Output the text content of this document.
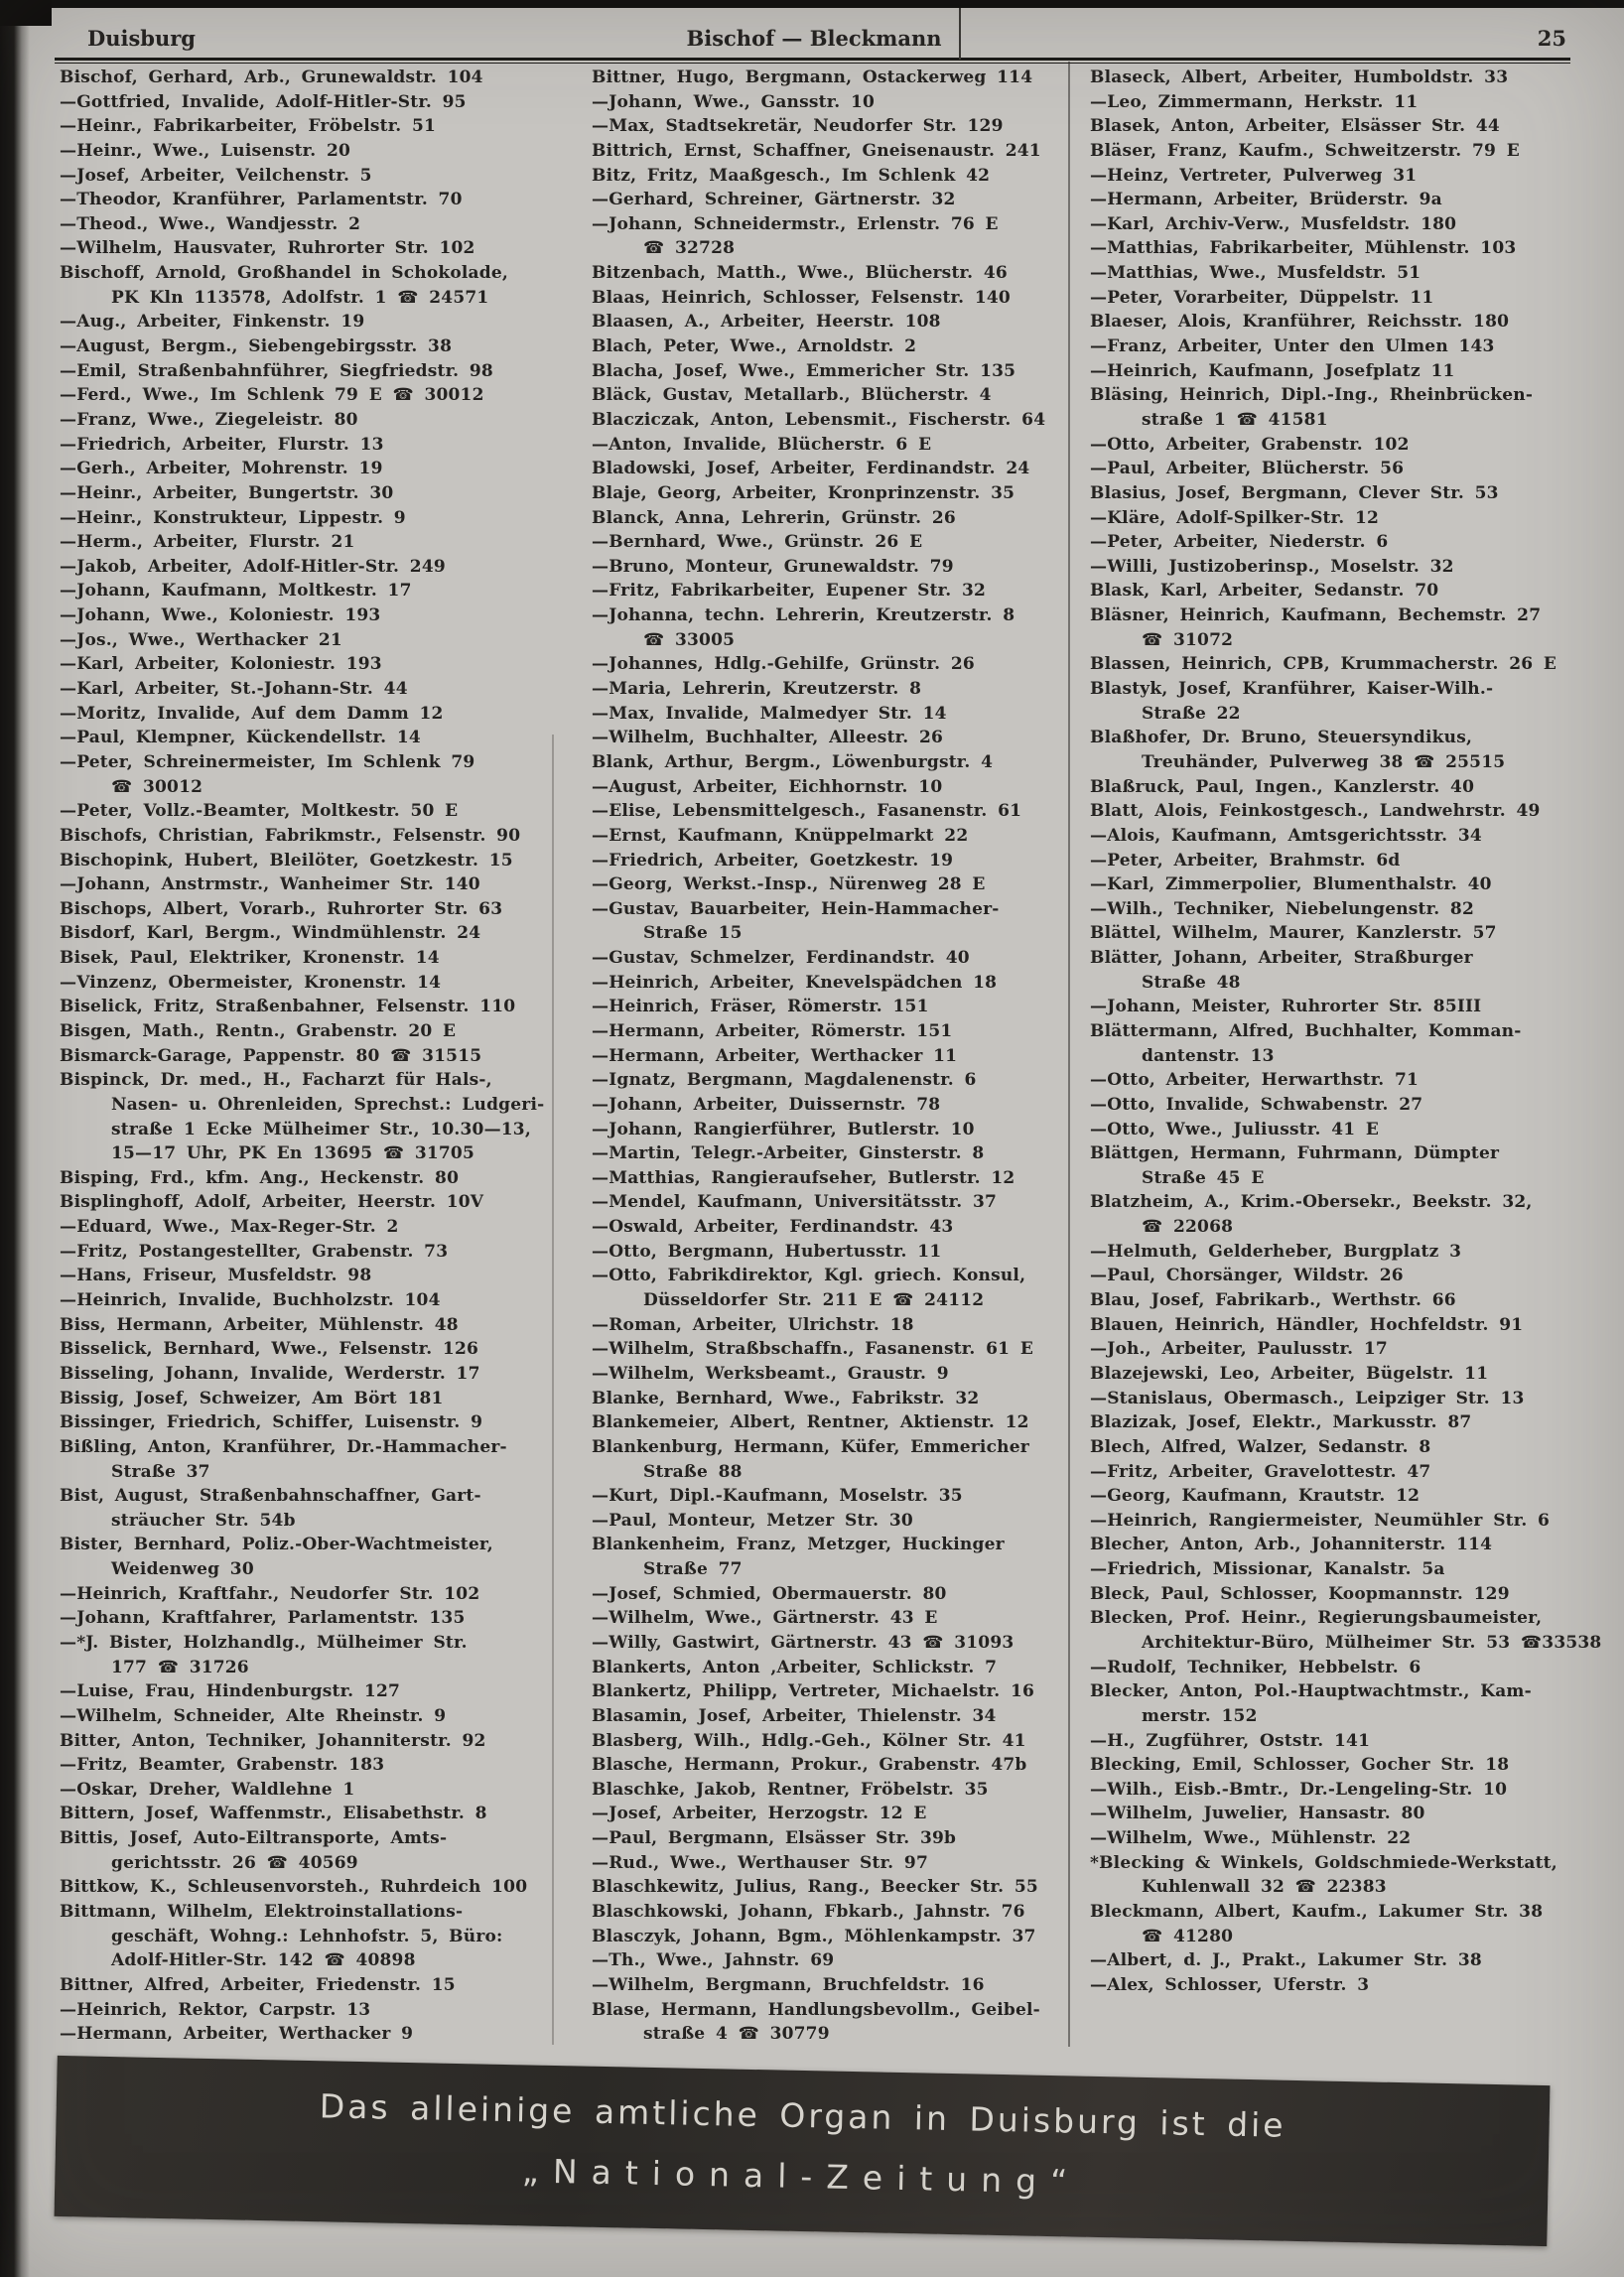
Duisburg	Bischof — Bleckmann	25
Bischof, Gerhard, Arb., Grunewaldstr. 104
—Gottfried, Invalide, Adolf-Hitler-Str. 95
—Heinr., Fabrikarbeiter, Fröbelstr. 51
—Heinr., Wwe., Luisenstr. 20
—Josef, Arbeiter, Veilchenstr. 5
—Theodor, Kranführer, Parlamentstr. 70
—Theod., Wwe., Wandjesstr. 2
—Wilhelm, Hausvater, Ruhrorter Str. 102
Bischoff, Arnold, Großhandel in Schokolade,
PK Kln 113578, Adolfstr. 1 ☎ 24571
—Aug., Arbeiter, Finkenstr. 19
—August, Bergm., Siebengebirgsstr. 38
—Emil, Straßenbahnführer, Siegfriedstr. 98
—Ferd., Wwe., Im Schlenk 79 E ☎ 30012
—Franz, Wwe., Ziegeleistr. 80
—Friedrich, Arbeiter, Flurstr. 13
—Gerh., Arbeiter, Mohrenstr. 19
—Heinr., Arbeiter, Bungertstr. 30
—Heinr., Konstrukteur, Lippestr. 9
—Herm., Arbeiter, Flurstr. 21
—Jakob, Arbeiter, Adolf-Hitler-Str. 249
—Johann, Kaufmann, Moltkestr. 17
—Johann, Wwe., Koloniestr. 193
—Jos., Wwe., Werthacker 21
—Karl, Arbeiter, Koloniestr. 193
—Karl, Arbeiter, St.-Johann-Str. 44
—Moritz, Invalide, Auf dem Damm 12
—Paul, Klempner, Kückendellstr. 14
—Peter, Schreinermeister, Im Schlenk 79
☎ 30012
—Peter, Vollz.-Beamter, Moltkestr. 50 E
Bischofs, Christian, Fabrikmstr., Felsenstr. 90
Bischopink, Hubert, Bleilöter, Goetzkestr. 15
—Johann, Anstrmstr., Wanheimer Str. 140
Bischops, Albert, Vorarb., Ruhrorter Str. 63
Bisdorf, Karl, Bergm., Windmühlenstr. 24
Bisek, Paul, Elektriker, Kronenstr. 14
—Vinzenz, Obermeister, Kronenstr. 14
Biselick, Fritz, Straßenbahner, Felsenstr. 110
Bisgen, Math., Rentn., Grabenstr. 20 E
Bismarck-Garage, Pappenstr. 80 ☎ 31515
Bispinck, Dr. med., H., Facharzt für Hals-,
Nasen- u. Ohrenleiden, Sprechst.: Ludgeri-
straße 1 Ecke Mülheimer Str., 10.30—13,
15—17 Uhr, PK En 13695 ☎ 31705
Bisping, Frd., kfm. Ang., Heckenstr. 80
Bisplinghoff, Adolf, Arbeiter, Heerstr. 10V
—Eduard, Wwe., Max-Reger-Str. 2
—Fritz, Postangestellter, Grabenstr. 73
—Hans, Friseur, Musfeldstr. 98
—Heinrich, Invalide, Buchholzstr. 104
Biss, Hermann, Arbeiter, Mühlenstr. 48
Bisselick, Bernhard, Wwe., Felsenstr. 126
Bisseling, Johann, Invalide, Werderstr. 17
Bissig, Josef, Schweizer, Am Bört 181
Bissinger, Friedrich, Schiffer, Luisenstr. 9
Bißling, Anton, Kranführer, Dr.-Hammacher-
Straße 37
Bist, August, Straßenbahnschaffner, Gart-
sträucher Str. 54b
Bister, Bernhard, Poliz.-Ober-Wachtmeister,
Weidenweg 30
—Heinrich, Kraftfahr., Neudorfer Str. 102
—Johann, Kraftfahrer, Parlamentstr. 135
—*J. Bister, Holzhandlg., Mülheimer Str.
177 ☎ 31726
—Luise, Frau, Hindenburgstr. 127
—Wilhelm, Schneider, Alte Rheinstr. 9
Bitter, Anton, Techniker, Johanniterstr. 92
—Fritz, Beamter, Grabenstr. 183
—Oskar, Dreher, Waldlehne 1
Bittern, Josef, Waffenmstr., Elisabethstr. 8
Bittis, Josef, Auto-Eiltransporte, Amts-
gerichtsstr. 26 ☎ 40569
Bittkow, K., Schleusenvorsteh., Ruhrdeich 100
Bittmann, Wilhelm, Elektroinstallations-
geschäft, Wohng.: Lehnhofstr. 5, Büro:
Adolf-Hitler-Str. 142 ☎ 40898
Bittner, Alfred, Arbeiter, Friedenstr. 15
—Heinrich, Rektor, Carpstr. 13
—Hermann, Arbeiter, Werthacker 9
Bittner, Hugo, Bergmann, Ostackerweg 114
—Johann, Wwe., Gansstr. 10
—Max, Stadtsekretär, Neudorfer Str. 129
Bittrich, Ernst, Schaffner, Gneisenaustr. 241
Bitz, Fritz, Maaßgesch., Im Schlenk 42
—Gerhard, Schreiner, Gärtnerstr. 32
—Johann, Schneidermstr., Erlenstr. 76 E
☎ 32728
Bitzenbach, Matth., Wwe., Blücherstr. 46
Blaas, Heinrich, Schlosser, Felsenstr. 140
Blaasen, A., Arbeiter, Heerstr. 108
Blach, Peter, Wwe., Arnoldstr. 2
Blacha, Josef, Wwe., Emmericher Str. 135
Bläck, Gustav, Metallarb., Blücherstr. 4
Blacziczak, Anton, Lebensmit., Fischerstr. 64
—Anton, Invalide, Blücherstr. 6 E
Bladowski, Josef, Arbeiter, Ferdinandstr. 24
Blaje, Georg, Arbeiter, Kronprinzenstr. 35
Blanck, Anna, Lehrerin, Grünstr. 26
—Bernhard, Wwe., Grünstr. 26 E
—Bruno, Monteur, Grunewaldstr. 79
—Fritz, Fabrikarbeiter, Eupener Str. 32
—Johanna, techn. Lehrerin, Kreutzerstr. 8
☎ 33005
—Johannes, Hdlg.-Gehilfe, Grünstr. 26
—Maria, Lehrerin, Kreutzerstr. 8
—Max, Invalide, Malmedyer Str. 14
—Wilhelm, Buchhalter, Alleestr. 26
Blank, Arthur, Bergm., Löwenburgstr. 4
—August, Arbeiter, Eichhornstr. 10
—Elise, Lebensmittelgesch., Fasanenstr. 61
—Ernst, Kaufmann, Knüppelmarkt 22
—Friedrich, Arbeiter, Goetzkestr. 19
—Georg, Werkst.-Insp., Nürenweg 28 E
—Gustav, Bauarbeiter, Hein-Hammacher-
Straße 15
—Gustav, Schmelzer, Ferdinandstr. 40
—Heinrich, Arbeiter, Knevelspädchen 18
—Heinrich, Fräser, Römerstr. 151
—Hermann, Arbeiter, Römerstr. 151
—Hermann, Arbeiter, Werthacker 11
—Ignatz, Bergmann, Magdalenenstr. 6
—Johann, Arbeiter, Duissernstr. 78
—Johann, Rangierführer, Butlerstr. 10
—Martin, Telegr.-Arbeiter, Ginsterstr. 8
—Matthias, Rangieraufseher, Butlerstr. 12
—Mendel, Kaufmann, Universitätsstr. 37
—Oswald, Arbeiter, Ferdinandstr. 43
—Otto, Bergmann, Hubertusstr. 11
—Otto, Fabrikdirektor, Kgl. griech. Konsul,
Düsseldorfer Str. 211 E ☎ 24112
—Roman, Arbeiter, Ulrichstr. 18
—Wilhelm, Straßbschaffn., Fasanenstr. 61 E
—Wilhelm, Werksbeamt., Graustr. 9
Blanke, Bernhard, Wwe., Fabrikstr. 32
Blankemeier, Albert, Rentner, Aktienstr. 12
Blankenburg, Hermann, Küfer, Emmericher
Straße 88
—Kurt, Dipl.-Kaufmann, Moselstr. 35
—Paul, Monteur, Metzer Str. 30
Blankenheim, Franz, Metzger, Huckinger
Straße 77
—Josef, Schmied, Obermauerstr. 80
—Wilhelm, Wwe., Gärtnerstr. 43 E
—Willy, Gastwirt, Gärtnerstr. 43 ☎ 31093
Blankerts, Anton ,Arbeiter, Schlickstr. 7
Blankertz, Philipp, Vertreter, Michaelstr. 16
Blasamin, Josef, Arbeiter, Thielenstr. 34
Blasberg, Wilh., Hdlg.-Geh., Kölner Str. 41
Blasche, Hermann, Prokur., Grabenstr. 47b
Blaschke, Jakob, Rentner, Fröbelstr. 35
—Josef, Arbeiter, Herzogstr. 12 E
—Paul, Bergmann, Elsässer Str. 39b
—Rud., Wwe., Werthauser Str. 97
Blaschkewitz, Julius, Rang., Beecker Str. 55
Blaschkowski, Johann, Fbkarb., Jahnstr. 76
Blasczyk, Johann, Bgm., Möhlenkampstr. 37
—Th., Wwe., Jahnstr. 69
—Wilhelm, Bergmann, Bruchfeldstr. 16
Blase, Hermann, Handlungsbevollm., Geibel-
straße 4 ☎ 30779
Blaseck, Albert, Arbeiter, Humboldstr. 33
—Leo, Zimmermann, Herkstr. 11
Blasek, Anton, Arbeiter, Elsässer Str. 44
Bläser, Franz, Kaufm., Schweitzerstr. 79 E
—Heinz, Vertreter, Pulverweg 31
—Hermann, Arbeiter, Brüderstr. 9a
—Karl, Archiv-Verw., Musfeldstr. 180
—Matthias, Fabrikarbeiter, Mühlenstr. 103
—Matthias, Wwe., Musfeldstr. 51
—Peter, Vorarbeiter, Düppelstr. 11
Blaeser, Alois, Kranführer, Reichsstr. 180
—Franz, Arbeiter, Unter den Ulmen 143
—Heinrich, Kaufmann, Josefplatz 11
Bläsing, Heinrich, Dipl.-Ing., Rheinbrücken-
straße 1 ☎ 41581
—Otto, Arbeiter, Grabenstr. 102
—Paul, Arbeiter, Blücherstr. 56
Blasius, Josef, Bergmann, Clever Str. 53
—Kläre, Adolf-Spilker-Str. 12
—Peter, Arbeiter, Niederstr. 6
—Willi, Justizoberinsp., Moselstr. 32
Blask, Karl, Arbeiter, Sedanstr. 70
Bläsner, Heinrich, Kaufmann, Bechemstr. 27
☎ 31072
Blassen, Heinrich, CPB, Krummacherstr. 26 E
Blastyk, Josef, Kranführer, Kaiser-Wilh.-
Straße 22
Blaßhofer, Dr. Bruno, Steuersyndikus,
Treuhänder, Pulverweg 38 ☎ 25515
Blaßruck, Paul, Ingen., Kanzlerstr. 40
Blatt, Alois, Feinkostgesch., Landwehrstr. 49
—Alois, Kaufmann, Amtsgerichtsstr. 34
—Peter, Arbeiter, Brahmstr. 6d
—Karl, Zimmerpolier, Blumenthalstr. 40
—Wilh., Techniker, Niebelungenstr. 82
Blättel, Wilhelm, Maurer, Kanzlerstr. 57
Blätter, Johann, Arbeiter, Straßburger
Straße 48
—Johann, Meister, Ruhrorter Str. 85III
Blättermann, Alfred, Buchhalter, Komman-
dantenstr. 13
—Otto, Arbeiter, Herwarthstr. 71
—Otto, Invalide, Schwabenstr. 27
—Otto, Wwe., Juliusstr. 41 E
Blättgen, Hermann, Fuhrmann, Dümpter
Straße 45 E
Blatzheim, A., Krim.-Obersekr., Beekstr. 32,
☎ 22068
—Helmuth, Gelderheber, Burgplatz 3
—Paul, Chorsänger, Wildstr. 26
Blau, Josef, Fabrikarb., Werthstr. 66
Blauen, Heinrich, Händler, Hochfeldstr. 91
—Joh., Arbeiter, Paulusstr. 17
Blazejewski, Leo, Arbeiter, Bügelstr. 11
—Stanislaus, Obermasch., Leipziger Str. 13
Blazizak, Josef, Elektr., Markusstr. 87
Blech, Alfred, Walzer, Sedanstr. 8
—Fritz, Arbeiter, Gravelottestr. 47
—Georg, Kaufmann, Krautstr. 12
—Heinrich, Rangiermeister, Neumühler Str. 6
Blecher, Anton, Arb., Johanniterstr. 114
—Friedrich, Missionar, Kanalstr. 5a
Bleck, Paul, Schlosser, Koopmannstr. 129
Blecken, Prof. Heinr., Regierungsbaumeister,
Architektur-Büro, Mülheimer Str. 53 ☎33538
—Rudolf, Techniker, Hebbelstr. 6
Blecker, Anton, Pol.-Hauptwachtmstr., Kam-
merstr. 152
—H., Zugführer, Oststr. 141
Blecking, Emil, Schlosser, Gocher Str. 18
—Wilh., Eisb.-Bmtr., Dr.-Lengeling-Str. 10
—Wilhelm, Juwelier, Hansastr. 80
—Wilhelm, Wwe., Mühlenstr. 22
*Blecking & Winkels, Goldschmiede-Werkstatt,
Kuhlenwall 32 ☎ 22383
Bleckmann, Albert, Kaufm., Lakumer Str. 38
☎ 41280
—Albert, d. J., Prakt., Lakumer Str. 38
—Alex, Schlosser, Uferstr. 3
Das alleinige amtliche Organ in Duisburg ist die
„National-Zeitung“
